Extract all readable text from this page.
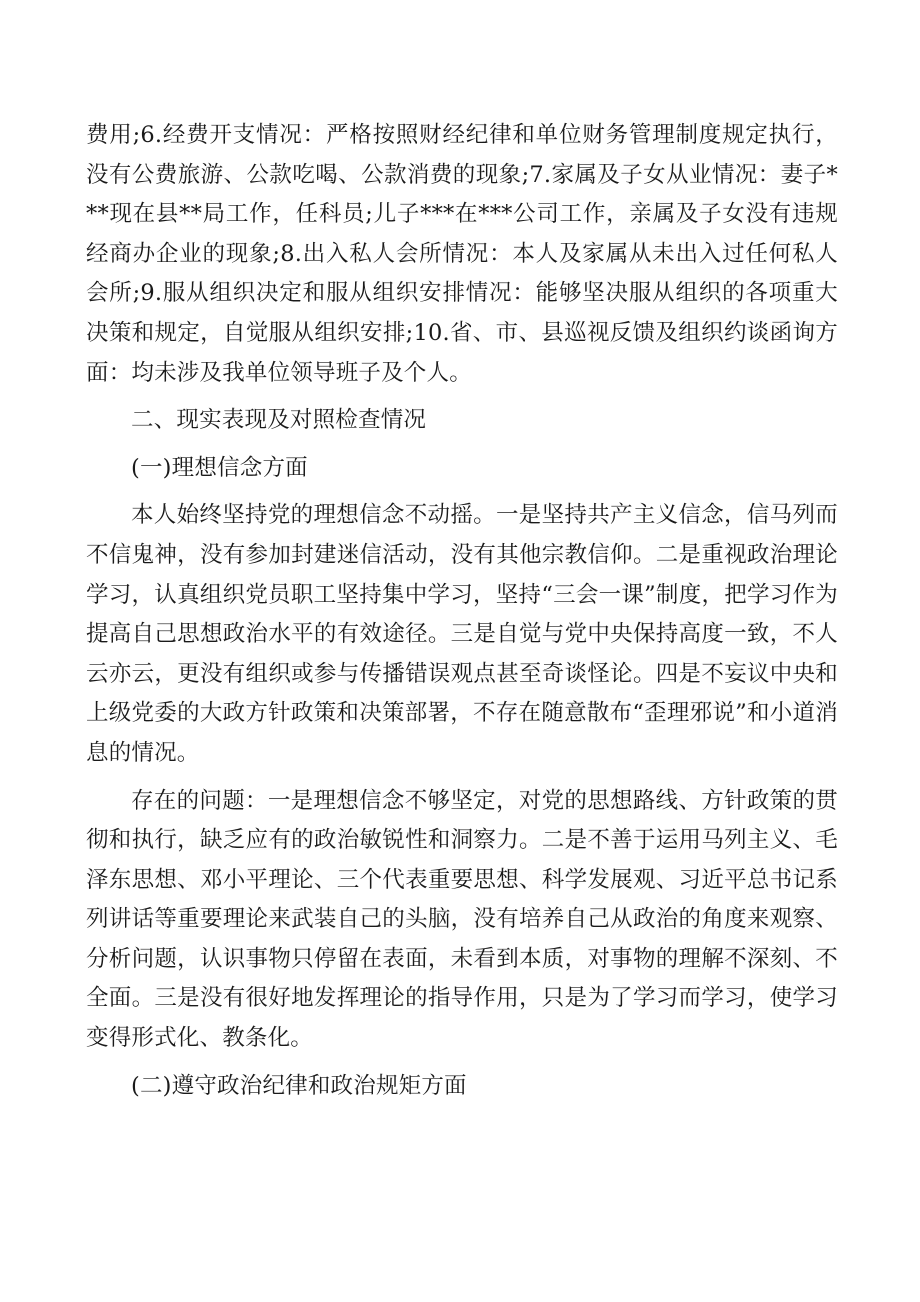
费用;6.经费开支情况：严格按照财经纪律和单位财务管理制度规定执行，没有公费旅游、公款吃喝、公款消费的现象;7.家属及子女从业情况：妻子***现在县**局工作，任科员;儿子***在***公司工作，亲属及子女没有违规经商办企业的现象;8.出入私人会所情况：本人及家属从未出入过任何私人会所;9.服从组织决定和服从组织安排情况：能够坚决服从组织的各项重大决策和规定，自觉服从组织安排;10.省、市、县巡视反馈及组织约谈函询方面：均未涉及我单位领导班子及个人。

二、现实表现及对照检查情况

(一)理想信念方面

本人始终坚持党的理想信念不动摇。一是坚持共产主义信念，信马列而不信鬼神，没有参加封建迷信活动，没有其他宗教信仰。二是重视政治理论学习，认真组织党员职工坚持集中学习，坚持“三会一课”制度，把学习作为提高自己思想政治水平的有效途径。三是自觉与党中央保持高度一致，不人云亦云，更没有组织或参与传播错误观点甚至奇谈怪论。四是不妄议中央和上级党委的大政方针政策和决策部署，不存在随意散布“歪理邪说”和小道消息的情况。

存在的问题：一是理想信念不够坚定，对党的思想路线、方针政策的贯彻和执行，缺乏应有的政治敏锐性和洞察力。二是不善于运用马列主义、毛泽东思想、邓小平理论、三个代表重要思想、科学发展观、习近平总书记系列讲话等重要理论来武装自己的头脑，没有培养自己从政治的角度来观察、分析问题，认识事物只停留在表面，未看到本质，对事物的理解不深刻、不全面。三是没有很好地发挥理论的指导作用，只是为了学习而学习，使学习变得形式化、教条化。

(二)遵守政治纪律和政治规矩方面
